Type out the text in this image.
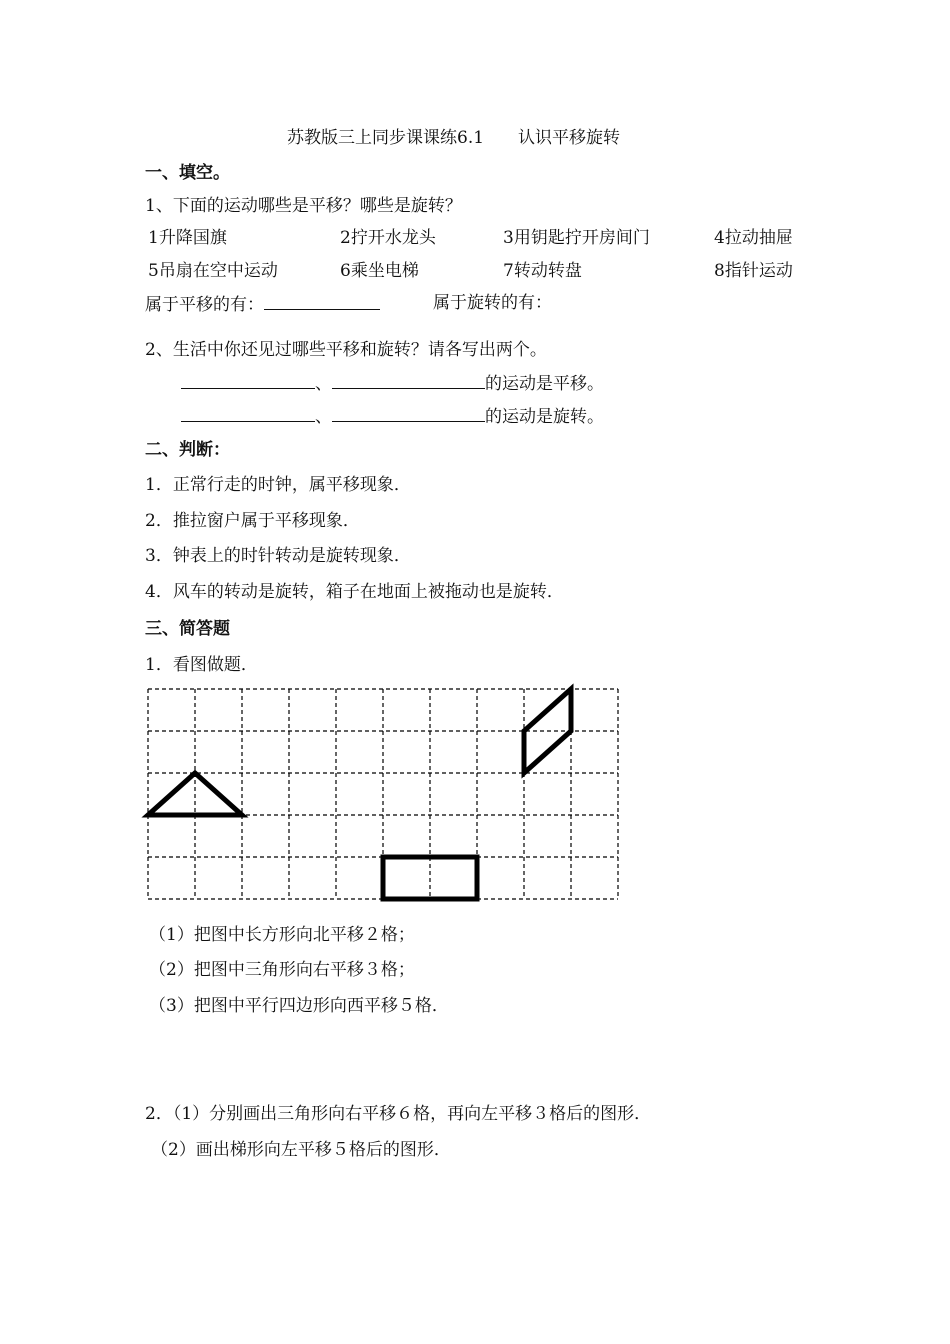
苏教版三上同步课课练6.1　　认识平移旋转
一、填空。
1、下面的运动哪些是平移？哪些是旋转？
1升降国旗	2拧开水龙头	3用钥匙拧开房间门	4拉动抽屉
5吊扇在空中运动	6乘坐电梯	7转动转盘	8指针运动
属于平移的有：	属于旋转的有：
2、生活中你还见过哪些平移和旋转？请各写出两个。
、	的运动是平移。
、	的运动是旋转。
二、判断：
1．正常行走的时钟，属平移现象．
2．推拉窗户属于平移现象．
3．钟表上的时针转动是旋转现象．
4．风车的转动是旋转，箱子在地面上被拖动也是旋转．
三、简答题
1．看图做题．
（1）把图中长方形向北平移２格；
（2）把图中三角形向右平移３格；
（3）把图中平行四边形向西平移５格．
2．（1）分别画出三角形向右平移６格，再向左平移３格后的图形．
（2）画出梯形向左平移５格后的图形．
